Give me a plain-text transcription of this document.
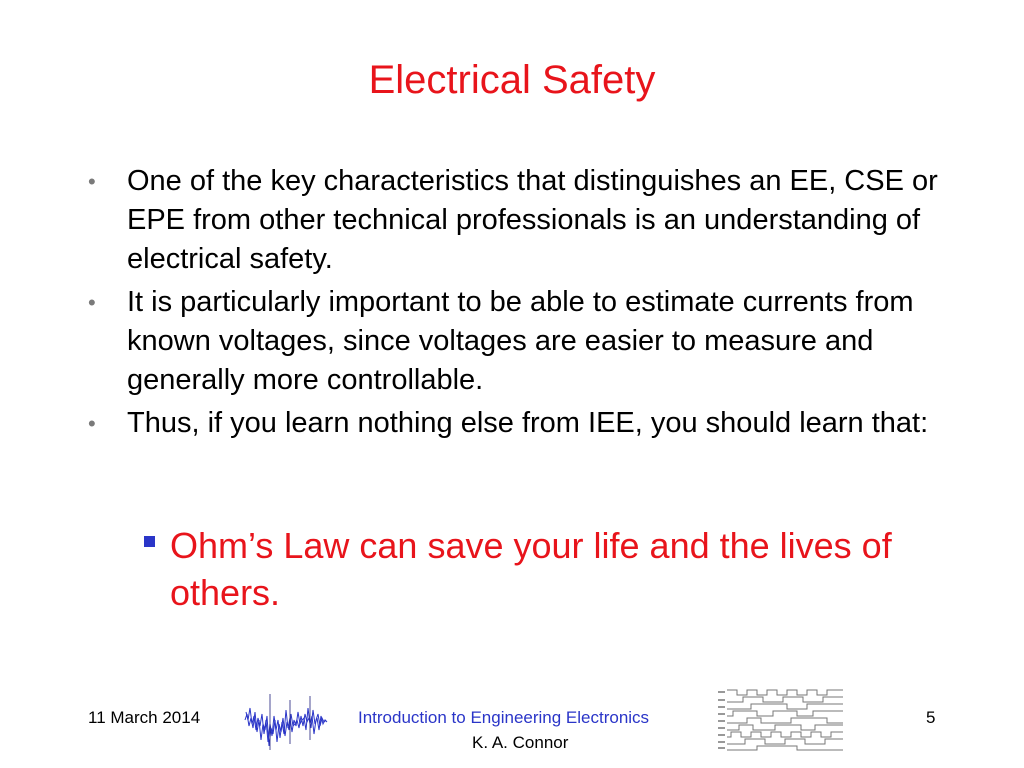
Electrical Safety
•	One of the key characteristics that distinguishes an EE, CSE or EPE from other technical professionals is an understanding of electrical safety.
•	It is particularly important to be able to estimate currents from known voltages, since voltages are easier to measure and generally more controllable.
•	Thus, if you learn nothing else from IEE, you should learn that:
Ohm’s Law can save your life and the lives of others.
11 March 2014	Introduction to Engineering Electronics
K. A. Connor
5
